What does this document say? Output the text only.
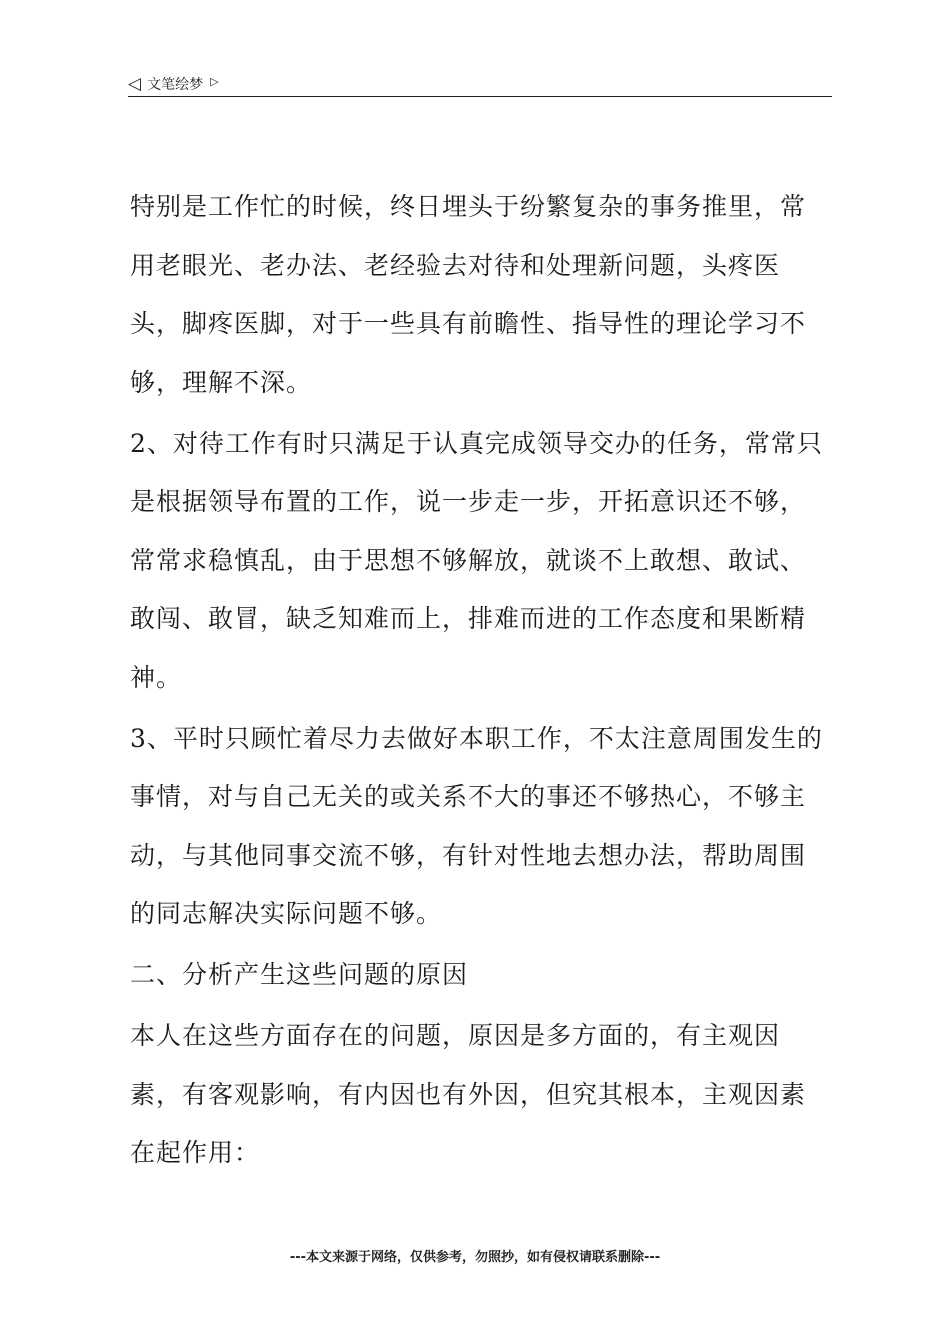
◁ 文笔绘梦 ▷

特别是工作忙的时候，终日埋头于纷繁复杂的事务推里，常用老眼光、老办法、老经验去对待和处理新问题，头疼医头，脚疼医脚，对于一些具有前瞻性、指导性的理论学习不够，理解不深。

2、对待工作有时只满足于认真完成领导交办的任务，常常只是根据领导布置的工作，说一步走一步，开拓意识还不够，常常求稳慎乱，由于思想不够解放，就谈不上敢想、敢试、敢闯、敢冒，缺乏知难而上，排难而进的工作态度和果断精神。

3、平时只顾忙着尽力去做好本职工作，不太注意周围发生的事情，对与自己无关的或关系不大的事还不够热心，不够主动，与其他同事交流不够，有针对性地去想办法，帮助周围的同志解决实际问题不够。

二、分析产生这些问题的原因

本人在这些方面存在的问题，原因是多方面的，有主观因素，有客观影响，有内因也有外因，但究其根本，主观因素在起作用：

---本文来源于网络，仅供参考，勿照抄，如有侵权请联系删除---
